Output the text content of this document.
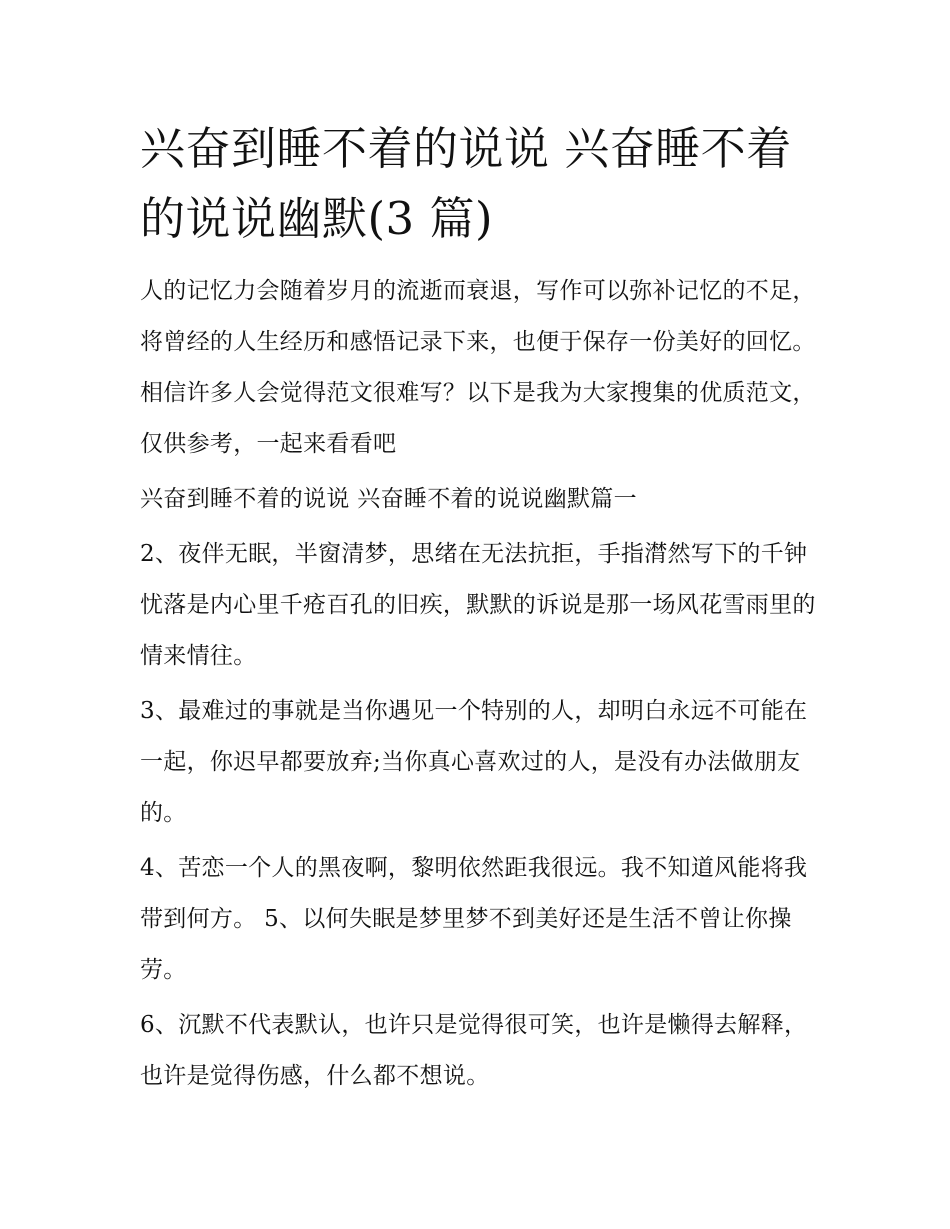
兴奋到睡不着的说说 兴奋睡不着的说说幽默(3 篇)

人的记忆力会随着岁月的流逝而衰退，写作可以弥补记忆的不足，将曾经的人生经历和感悟记录下来，也便于保存一份美好的回忆。相信许多人会觉得范文很难写？以下是我为大家搜集的优质范文，仅供参考，一起来看看吧

兴奋到睡不着的说说 兴奋睡不着的说说幽默篇一

2、夜伴无眠，半窗清梦，思绪在无法抗拒，手指潸然写下的千钟忧落是内心里千疮百孔的旧疾，默默的诉说是那一场风花雪雨里的情来情往。

3、最难过的事就是当你遇见一个特别的人，却明白永远不可能在一起，你迟早都要放弃;当你真心喜欢过的人，是没有办法做朋友的。

4、苦恋一个人的黑夜啊，黎明依然距我很远。我不知道风能将我带到何方。 5、以何失眠是梦里梦不到美好还是生活不曾让你操劳。

6、沉默不代表默认，也许只是觉得很可笑，也许是懒得去解释，也许是觉得伤感，什么都不想说。
